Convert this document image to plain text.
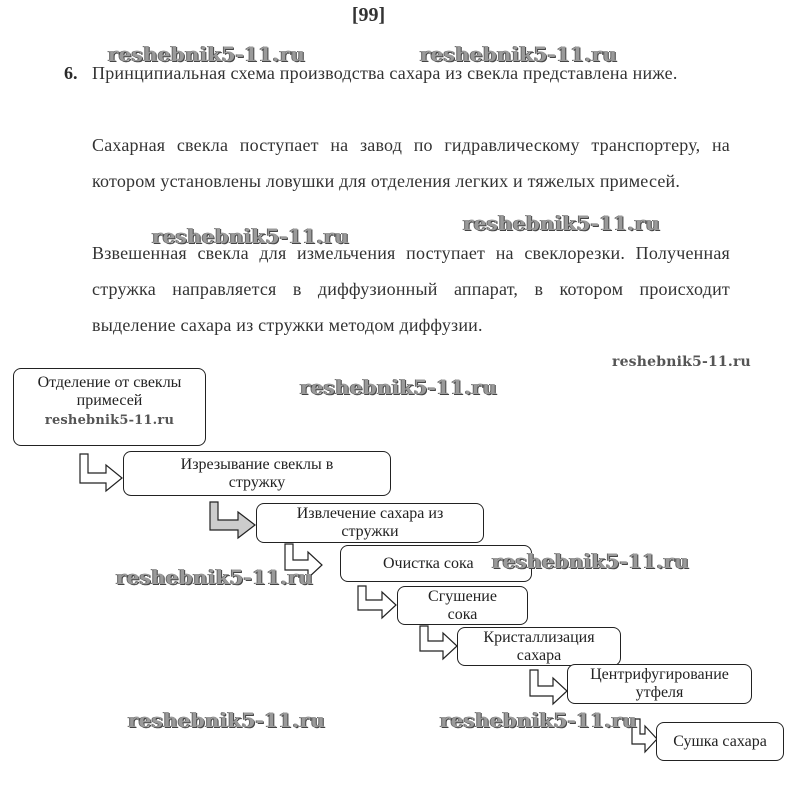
[99]
6. Принципиальная схема производства сахара из свекла представлена ниже.
Сахарная свекла поступает на завод по гидравлическому транспортеру, на котором установлены ловушки для отделения легких и тяжелых примесей.
Взвешенная свекла для измельчения поступает на свеклорезки. Полученная стружка направляется в диффузионный аппарат, в котором происходит выделение сахара из стружки методом диффузии.
reshebnik5-11.ru	reshebnik5-11.ru
reshebnik5-11.ru
reshebnik5-11.ru
reshebnik5-11.ru
reshebnik5-11.ru
Отделение от свеклы
примесей
reshebnik5-11.ru
Изрезывание свеклы в
стружку
Извлечение сахара из
стружки
Очистка сока
Сгушение
сока
Кристаллизация
сахара
Центрифугирование
утфеля
Сушка сахара
reshebnik5-11.ru
reshebnik5-11.ru
reshebnik5-11.ru	reshebnik5-11.ru
